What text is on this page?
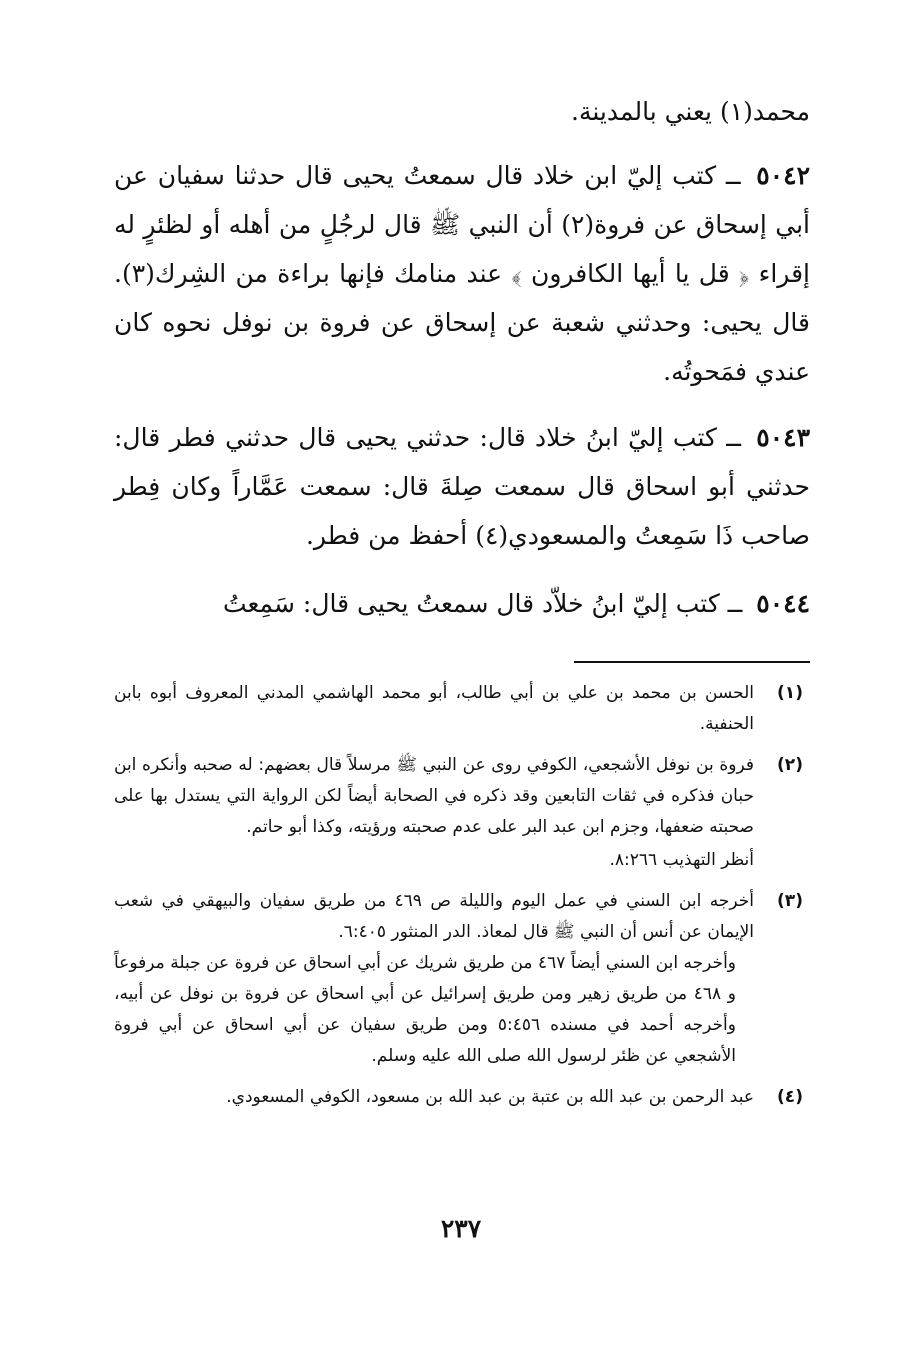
محمد(١) يعني بالمدينة.
٥٠٤٢ ــ كتب إليّ ابن خلاد قال سمعتُ يحيى قال حدثنا سفيان عن أبي إسحاق عن فروة(٢) أن النبي ﷺ قال لرجُلٍ من أهله أو لظئرٍ له إقراء ﴿ قل يا أيها الكافرون ﴾ عند منامك فإنها براءة من الشِرك(٣). قال يحيى: وحدثني شعبة عن إسحاق عن فروة بن نوفل نحوه كان عندي فمَحوتُه.
٥٠٤٣ ــ كتب إليّ ابنُ خلاد قال: حدثني يحيى قال حدثني فطر قال: حدثني أبو اسحاق قال سمعت صِلةَ قال: سمعت عَمَّاراً وكان فِطر صاحب ذَا سَمِعتُ والمسعودي(٤) أحفظ من فطر.
٥٠٤٤ ــ كتب إليّ ابنُ خلاّد قال سمعتُ يحيى قال: سَمِعتُ
(١)
الحسن بن محمد بن علي بن أبي طالب، أبو محمد الهاشمي المدني المعروف أبوه بابن الحنفية.
(٢)
فروة بن نوفل الأشجعي، الكوفي روى عن النبي ﷺ مرسلاً قال بعضهم: له صحبه وأنكره ابن حبان فذكره في ثقات التابعين وقد ذكره في الصحابة أيضاً لكن الرواية التي يستدل بها على صحبته ضعفها، وجزم ابن عبد البر على عدم صحبته ورؤيته، وكذا أبو حاتم.
أنظر التهذيب ٨:٢٦٦.
(٣)
أخرجه ابن السني في عمل اليوم والليلة ص ٤٦٩ من طريق سفيان والبيهقي في شعب الإيمان عن أنس أن النبي ﷺ قال لمعاذ. الدر المنثور ٦:٤٠٥.
وأخرجه ابن السني أيضاً ٤٦٧ من طريق شريك عن أبي اسحاق عن فروة عن جبلة مرفوعاً و ٤٦٨ من طريق زهير ومن طريق إسرائيل عن أبي اسحاق عن فروة بن نوفل عن أبيه، وأخرجه أحمد في مسنده ٥:٤٥٦ ومن طريق سفيان عن أبي اسحاق عن أبي فروة الأشجعي عن ظئر لرسول الله صلى الله عليه وسلم.
(٤)
عبد الرحمن بن عبد الله بن عتبة بن عبد الله بن مسعود، الكوفي المسعودي.
٢٣٧
